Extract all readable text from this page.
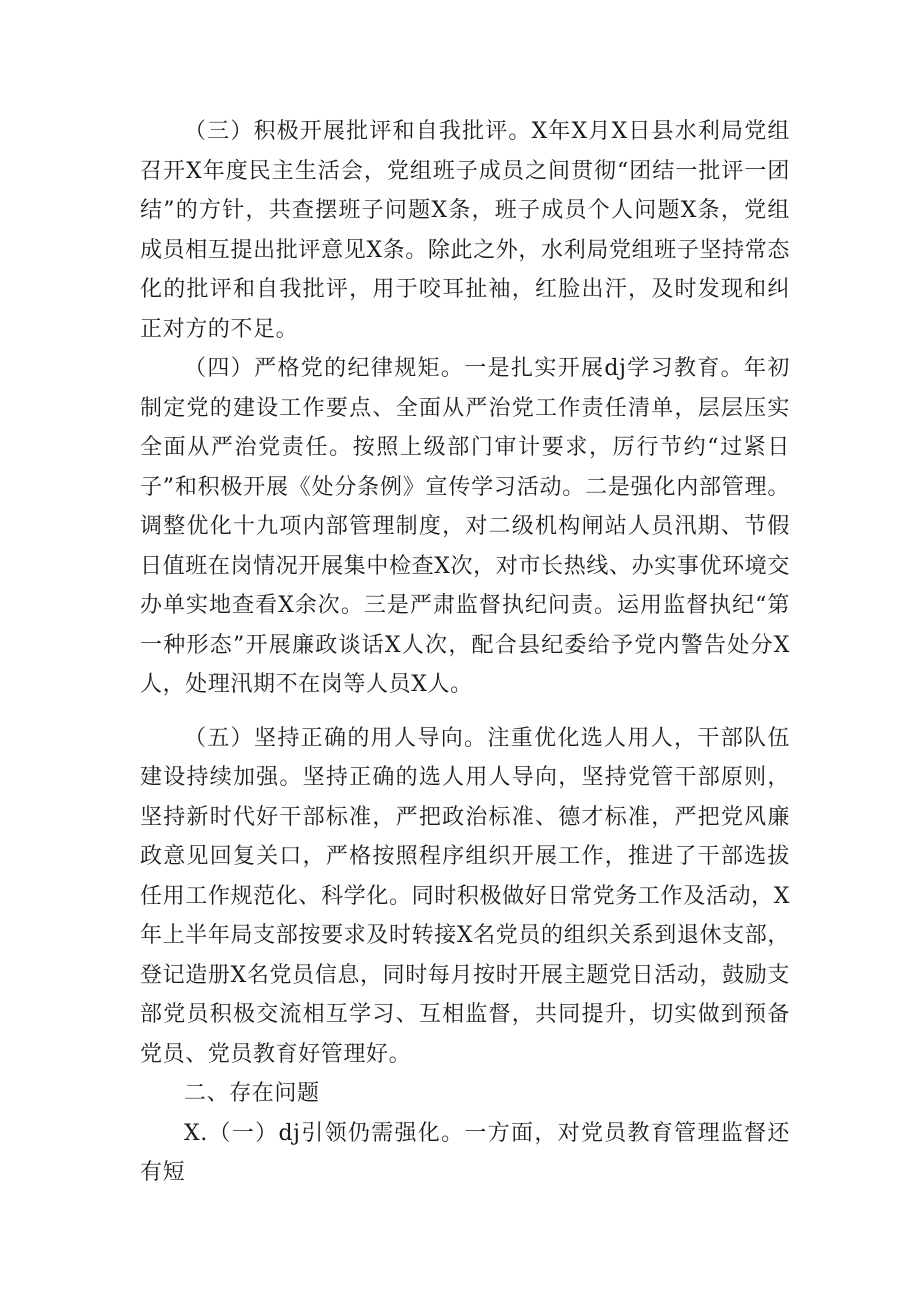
（三）积极开展批评和自我批评。X年X月X日县水利局党组召开X年度民主生活会，党组班子成员之间贯彻“团结一批评一团结”的方针，共查摆班子问题X条，班子成员个人问题X条，党组成员相互提出批评意见X条。除此之外，水利局党组班子坚持常态化的批评和自我批评，用于咬耳扯袖，红脸出汗，及时发现和纠正对方的不足。

（四）严格党的纪律规矩。一是扎实开展dj学习教育。年初制定党的建设工作要点、全面从严治党工作责任清单，层层压实全面从严治党责任。按照上级部门审计要求，厉行节约“过紧日子”和积极开展《处分条例》宣传学习活动。二是强化内部管理。调整优化十九项内部管理制度，对二级机构闸站人员汛期、节假日值班在岗情况开展集中检查X次，对市长热线、办实事优环境交办单实地查看X余次。三是严肃监督执纪问责。运用监督执纪“第一种形态”开展廉政谈话X人次，配合县纪委给予党内警告处分X人，处理汛期不在岗等人员X人。

（五）坚持正确的用人导向。注重优化选人用人，干部队伍建设持续加强。坚持正确的选人用人导向，坚持党管干部原则，坚持新时代好干部标准，严把政治标准、德才标准，严把党风廉政意见回复关口，严格按照程序组织开展工作，推进了干部选拔任用工作规范化、科学化。同时积极做好日常党务工作及活动，X年上半年局支部按要求及时转接X名党员的组织关系到退休支部，登记造册X名党员信息，同时每月按时开展主题党日活动，鼓励支部党员积极交流相互学习、互相监督，共同提升，切实做到预备党员、党员教育好管理好。

二、存在问题

X.（一）dj引领仍需强化。一方面，对党员教育管理监督还有短
